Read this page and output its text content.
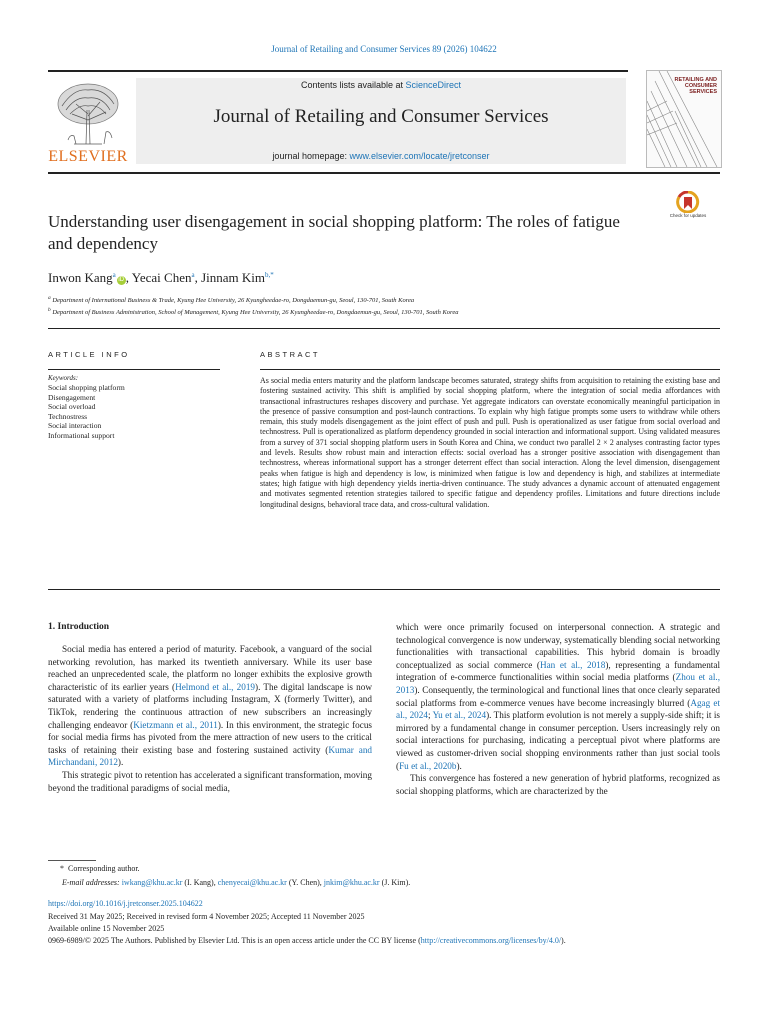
Journal of Retailing and Consumer Services 89 (2026) 104622
ELSEVIER
Contents lists available at ScienceDirect
Journal of Retailing and Consumer Services
journal homepage: www.elsevier.com/locate/jretconser
RETAILING AND CONSUMER SERVICES
Understanding user disengagement in social shopping platform: The roles of fatigue and dependency
Check for updates
Inwon Kang$^a$iD , Yecai Chen$^a$, Jinnam Kim$^{b,*}$
$^a$ Department of International Business & Trade, Kyung Hee University, 26 Kyungheedae-ro, Dongdaemun-gu, Seoul, 130-701, South Korea
$^b$ Department of Business Administration, School of Management, Kyung Hee University, 26 Kyungheedae-ro, Dongdaemun-gu, Seoul, 130-701, South Korea
ARTICLE INFO	ABSTRACT
Keywords:
Social shopping platform
Disengagement
Social overload
Technostress
Social interaction
Informational support

As social media enters maturity and the platform landscape becomes saturated, strategy shifts from acquisition to retaining the existing base and fostering sustained activity. This shift is amplified by social shopping platform, where the integration of social media affordances with transactional infrastructures reshapes discovery and purchase. Yet aggregate indicators can overstate economically meaningful participation in the presence of passive consumption and post-launch contractions. To explain why high fatigue prompts some users to withdraw while others remain, this study models disengagement as the joint effect of push and pull. Push is operationalized as user fatigue from social overload and technostress. Pull is operationalized as platform dependency grounded in social interaction and informational support. Using validated measures from a survey of 371 social shopping platform users in South Korea and China, we conduct two parallel 2 × 2 analyses contrasting factor types and levels. Results show robust main and interaction effects: social overload has a stronger positive association with disengagement than technostress, whereas informational support has a stronger deterrent effect than social interaction. Along the level dimension, disengagement peaks when fatigue is high and dependency is low, is minimized when fatigue is low and dependency is high, and stabilizes at intermediate states; high fatigue with high dependency yields inertia-driven continuance. The study advances a dynamic account of attenuated engagement and motivates segmented retention strategies tailored to specific fatigue and dependency profiles. Limitations and future directions include longitudinal designs, behavioral trace data, and cross-cultural validation.

1. Introduction

Social media has entered a period of maturity. Facebook, a vanguard of the social networking revolution, has marked its twentieth anniversary. While its user base reached an unprecedented scale, the platform no longer exhibits the explosive growth characteristic of its earlier years (Helmond et al., 2019). The digital landscape is now saturated with a variety of platforms including Instagram, X (formerly Twitter), and TikTok, rendering the continuous attraction of new subscribers an increasingly challenging endeavor (Kietzmann et al., 2011). In this environment, the strategic focus for social media firms has pivoted from the mere attraction of new users to the critical tasks of retaining their existing base and fostering sustained activity (Kumar and Mirchandani, 2012).

This strategic pivot to retention has accelerated a significant transformation, moving beyond the traditional paradigms of social media,

which were once primarily focused on interpersonal connection. A strategic and technological convergence is now underway, systematically blending social networking functionalities with transactional capabilities. This hybrid domain is broadly conceptualized as social commerce (Han et al., 2018), representing a fundamental integration of e-commerce functionalities within social media platforms (Zhou et al., 2013). Consequently, the terminological and functional lines that once clearly separated social platforms from e-commerce venues have become increasingly blurred (Agag et al., 2024; Yu et al., 2024). This platform evolution is not merely a supply-side shift; it is mirrored by a fundamental change in consumer perception. Users increasingly rely on social interactions for purchasing, indicating a perceptual pivot where platforms are viewed as customer-driven social shopping environments rather than just social tools (Fu et al., 2020b).

This convergence has fostered a new generation of hybrid platforms, recognized as social shopping platforms, which are characterized by the

* Corresponding author.
E-mail addresses: iwkang@khu.ac.kr (I. Kang), chenyecai@khu.ac.kr (Y. Chen), jnkim@khu.ac.kr (J. Kim).
https://doi.org/10.1016/j.jretconser.2025.104622
Received 31 May 2025; Received in revised form 4 November 2025; Accepted 11 November 2025
Available online 15 November 2025
0969-6989/© 2025 The Authors. Published by Elsevier Ltd. This is an open access article under the CC BY license (http://creativecommons.org/licenses/by/4.0/).
